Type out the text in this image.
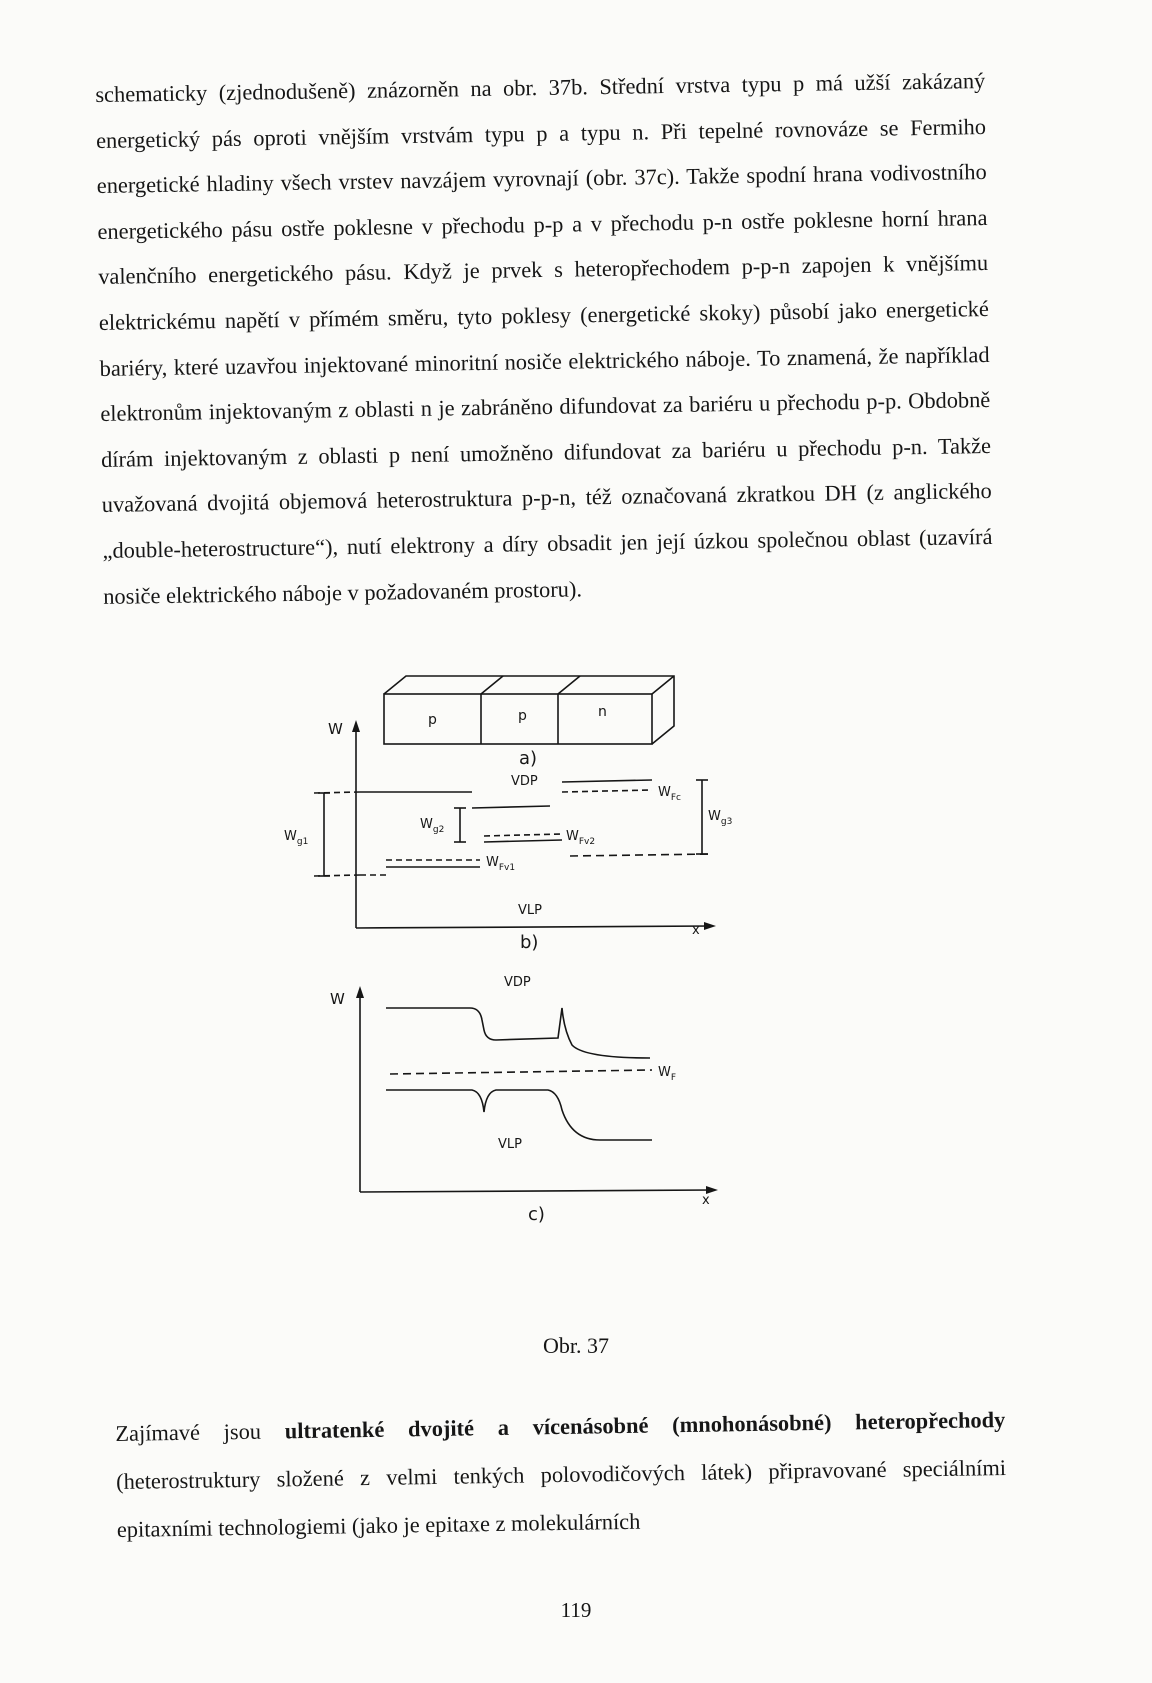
schematicky (zjednodušeně) znázorněn na obr. 37b. Střední vrstva typu p má užší zakázaný energetický pás oproti vnějším vrstvám typu p a typu n. Při tepelné rovnováze se Fermiho energetické hladiny všech vrstev navzájem vyrovnají (obr. 37c). Takže spodní hrana vodivostního energetického pásu ostře poklesne v přechodu p-p a v přechodu p-n ostře poklesne horní hrana valenčního energetického pásu. Když je prvek s heteropřechodem p-p-n zapojen k vnějšímu elektrickému napětí v přímém směru, tyto poklesy (energetické skoky) působí jako energetické bariéry, které uzavřou injektované minoritní nosiče elektrického náboje. To znamená, že například elektronům injektovaným z oblasti n je zabráněno difundovat za bariéru u přechodu p-p. Obdobně dírám injektovaným z oblasti p není umožněno difundovat za bariéru u přechodu p-n. Takže uvažovaná dvojitá objemová heterostruktura p-p-n, též označovaná zkratkou DH (z anglického „double-heterostructure“), nutí elektrony a díry obsadit jen její úzkou společnou oblast (uzavírá nosiče elektrického náboje v požadovaném prostoru).

W	p	p	n
a)
VDP
$W_{g1}$
$W_{g2}$
$W_{g3}$
$W_{Fc}$
$W_{Fv2}$
$W_{Fv1}$
VLP
b)
x
W
VDP
$W_F$
VLP
c)
x
Obr. 37

Zajímavé jsou ultratenké dvojité a vícenásobné (mnohonásobné) heteropřechody (heterostruktury složené z velmi tenkých polovodičových látek) připravované speciálními epitaxními technologiemi (jako je epitaxe z molekulárních

119
